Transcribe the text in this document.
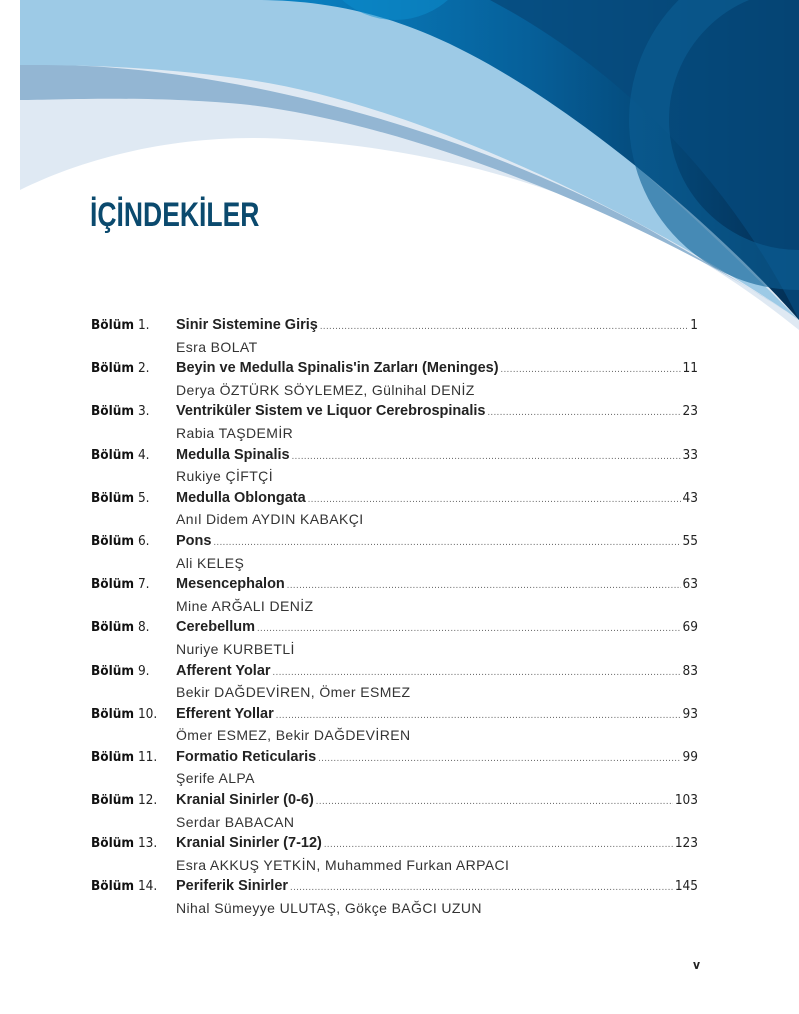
İÇİNDEKİLER
Bölüm 1.	Sinir Sistemine Giriş .....	1
Esra BOLAT
Bölüm 2.	Beyin ve Medulla Spinalis'in Zarları (Meninges) .....	11
Derya ÖZTÜRK SÖYLEMEZ, Gülnihal DENİZ
Bölüm 3.	Ventriküler Sistem ve Liquor Cerebrospinalis .....	23
Rabia TAŞDEMİR
Bölüm 4.	Medulla Spinalis .....	33
Rukiye ÇİFTÇİ
Bölüm 5.	Medulla Oblongata .....	43
Anıl Didem AYDIN KABAKÇI
Bölüm 6.	Pons .....	55
Ali KELEŞ
Bölüm 7.	Mesencephalon .....	63
Mine ARĞALI DENİZ
Bölüm 8.	Cerebellum .....	69
Nuriye KURBETLİ
Bölüm 9.	Afferent Yolar .....	83
Bekir DAĞDEVİREN, Ömer ESMEZ
Bölüm 10.	Efferent Yollar .....	93
Ömer ESMEZ, Bekir DAĞDEVİREN
Bölüm 11.	Formatio Reticularis .....	99
Şerife ALPA
Bölüm 12.	Kranial Sinirler (0-6) .....	103
Serdar BABACAN
Bölüm 13.	Kranial Sinirler (7-12) .....	123
Esra AKKUŞ YETKİN, Muhammed Furkan ARPACI
Bölüm 14.	Periferik Sinirler .....	145
Nihal Sümeyye ULUTAŞ, Gökçe BAĞCI UZUN
v
